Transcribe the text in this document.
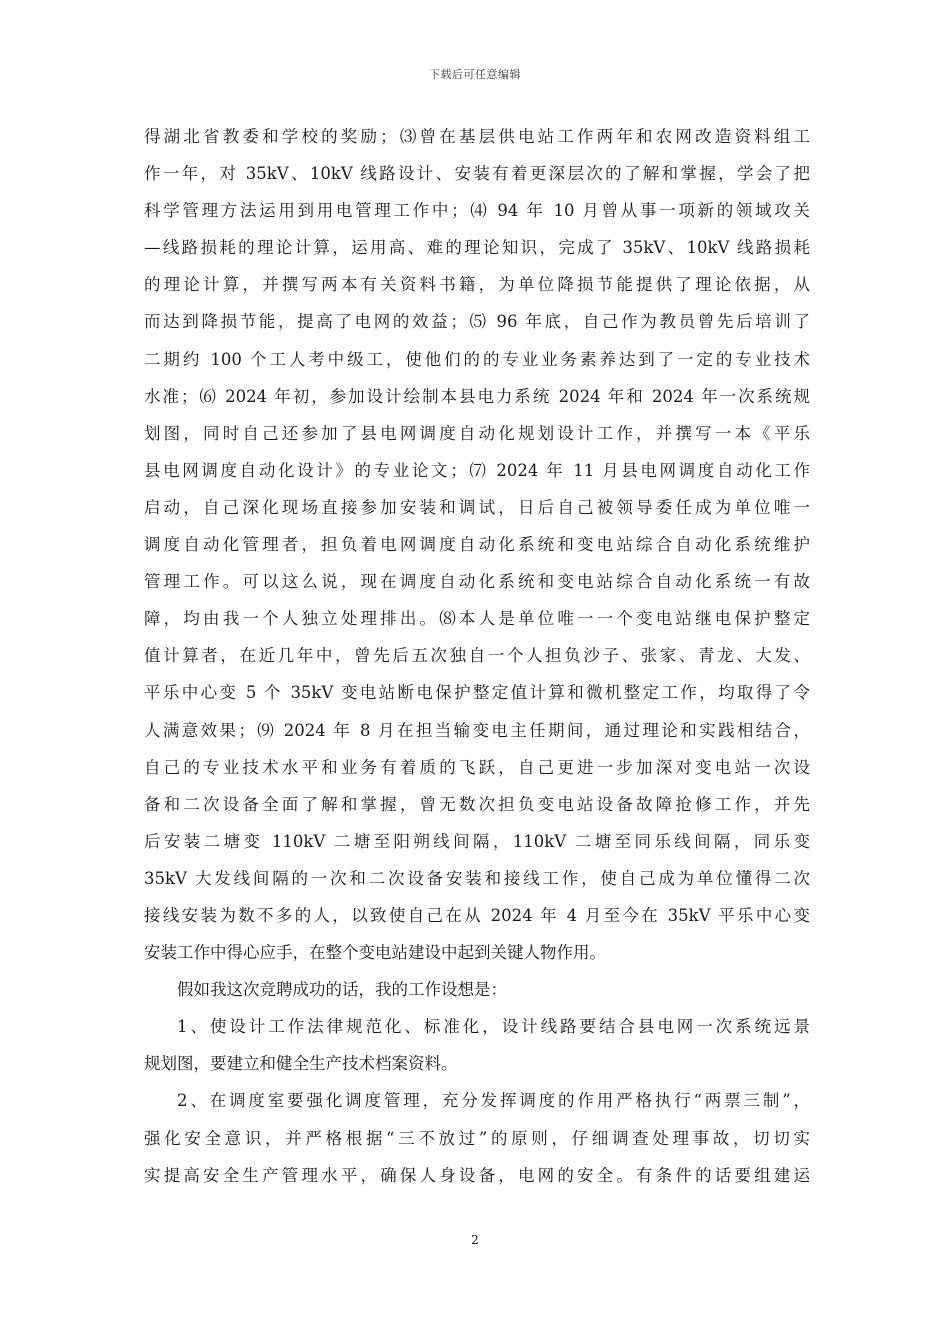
下载后可任意编辑
得湖北省教委和学校的奖励；⑶曾在基层供电站工作两年和农网改造资料组工
作一年，对 35kV、10kV 线路设计、安装有着更深层次的了解和掌握，学会了把
科学管理方法运用到用电管理工作中；⑷ 94 年 10 月曾从事一项新的领域攻关
—线路损耗的理论计算，运用高、难的理论知识，完成了 35kV、10kV 线路损耗
的理论计算，并撰写两本有关资料书籍，为单位降损节能提供了理论依据，从
而达到降损节能，提高了电网的效益；⑸ 96 年底，自己作为教员曾先后培训了
二期约 100 个工人考中级工，使他们的的专业业务素养达到了一定的专业技术
水准；⑹ 2024 年初，参加设计绘制本县电力系统 2024 年和 2024 年一次系统规
划图，同时自己还参加了县电网调度自动化规划设计工作，并撰写一本《平乐
县电网调度自动化设计》的专业论文；⑺ 2024 年 11 月县电网调度自动化工作
启动，自己深化现场直接参加安装和调试，日后自己被领导委任成为单位唯一
调度自动化管理者，担负着电网调度自动化系统和变电站综合自动化系统维护
管理工作。可以这么说，现在调度自动化系统和变电站综合自动化系统一有故
障，均由我一个人独立处理排出。⑻本人是单位唯一一个变电站继电保护整定
值计算者，在近几年中，曾先后五次独自一个人担负沙子、张家、青龙、大发、
平乐中心变 5 个 35kV 变电站断电保护整定值计算和微机整定工作，均取得了令
人满意效果；⑼ 2024 年 8 月在担当输变电主任期间，通过理论和实践相结合，
自己的专业技术水平和业务有着质的飞跃，自己更进一步加深对变电站一次设
备和二次设备全面了解和掌握，曾无数次担负变电站设备故障抢修工作，并先
后安装二塘变 110kV 二塘至阳朔线间隔，110kV 二塘至同乐线间隔，同乐变
35kV 大发线间隔的一次和二次设备安装和接线工作，使自己成为单位懂得二次
接线安装为数不多的人，以致使自己在从 2024 年 4 月至今在 35kV 平乐中心变
安装工作中得心应手，在整个变电站建设中起到关键人物作用。
假如我这次竞聘成功的话，我的工作设想是：
1、使设计工作法律规范化、标准化，设计线路要结合县电网一次系统远景
规划图，要建立和健全生产技术档案资料。
2、在调度室要强化调度管理，充分发挥调度的作用严格执行“两票三制”，
强化安全意识，并严格根据“三不放过”的原则，仔细调查处理事故，切切实
实提高安全生产管理水平，确保人身设备，电网的安全。有条件的话要组建运
2
